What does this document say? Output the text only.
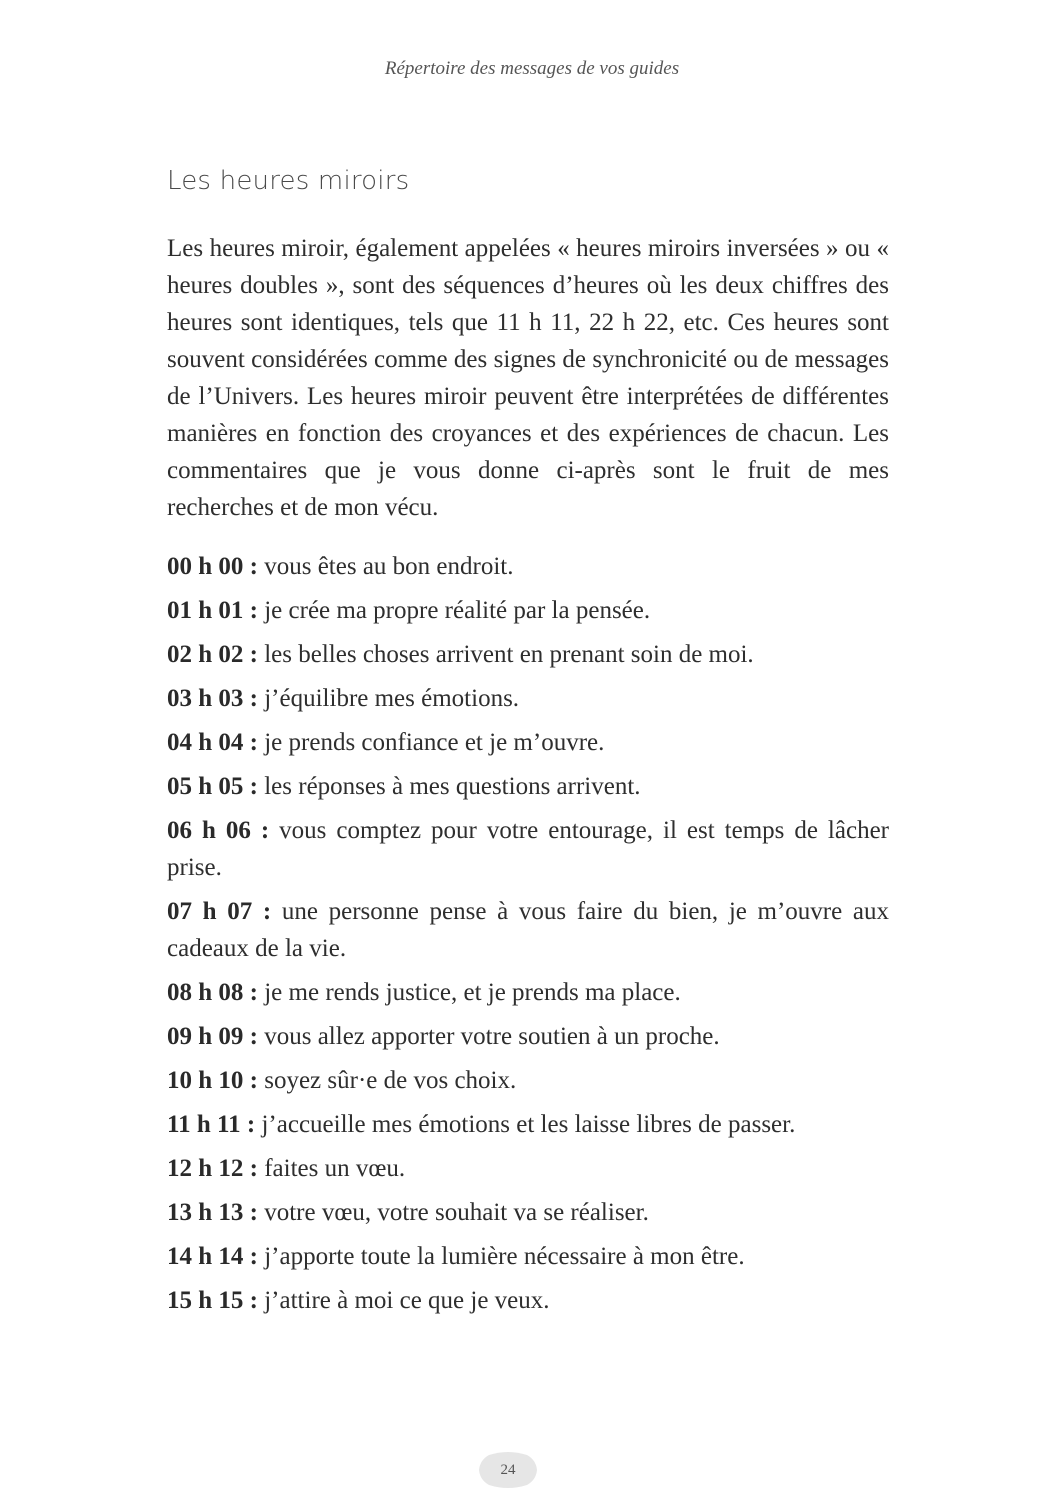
Répertoire des messages de vos guides
Les heures miroirs

Les heures miroir, également appelées « heures miroirs inversées » ou « heures doubles », sont des séquences d’heures où les deux chiffres des heures sont identiques, tels que 11 h 11, 22 h 22, etc. Ces heures sont souvent considérées comme des signes de synchronicité ou de messages de l’Univers. Les heures miroir peuvent être interprétées de différentes manières en fonction des croyances et des expériences de chacun. Les commentaires que je vous donne ci-après sont le fruit de mes recherches et de mon vécu.

00 h 00 : vous êtes au bon endroit.
01 h 01 : je crée ma propre réalité par la pensée.
02 h 02 : les belles choses arrivent en prenant soin de moi.
03 h 03 : j’équilibre mes émotions.
04 h 04 : je prends confiance et je m’ouvre.
05 h 05 : les réponses à mes questions arrivent.
06 h 06 : vous comptez pour votre entourage, il est temps de lâcher prise.
07 h 07 : une personne pense à vous faire du bien, je m’ouvre aux cadeaux de la vie.
08 h 08 : je me rends justice, et je prends ma place.
09 h 09 : vous allez apporter votre soutien à un proche.
10 h 10 : soyez sûr·e de vos choix.
11 h 11 : j’accueille mes émotions et les laisse libres de passer.
12 h 12 : faites un vœu.
13 h 13 : votre vœu, votre souhait va se réaliser.
14 h 14 : j’apporte toute la lumière nécessaire à mon être.
15 h 15 : j’attire à moi ce que je veux.
24
